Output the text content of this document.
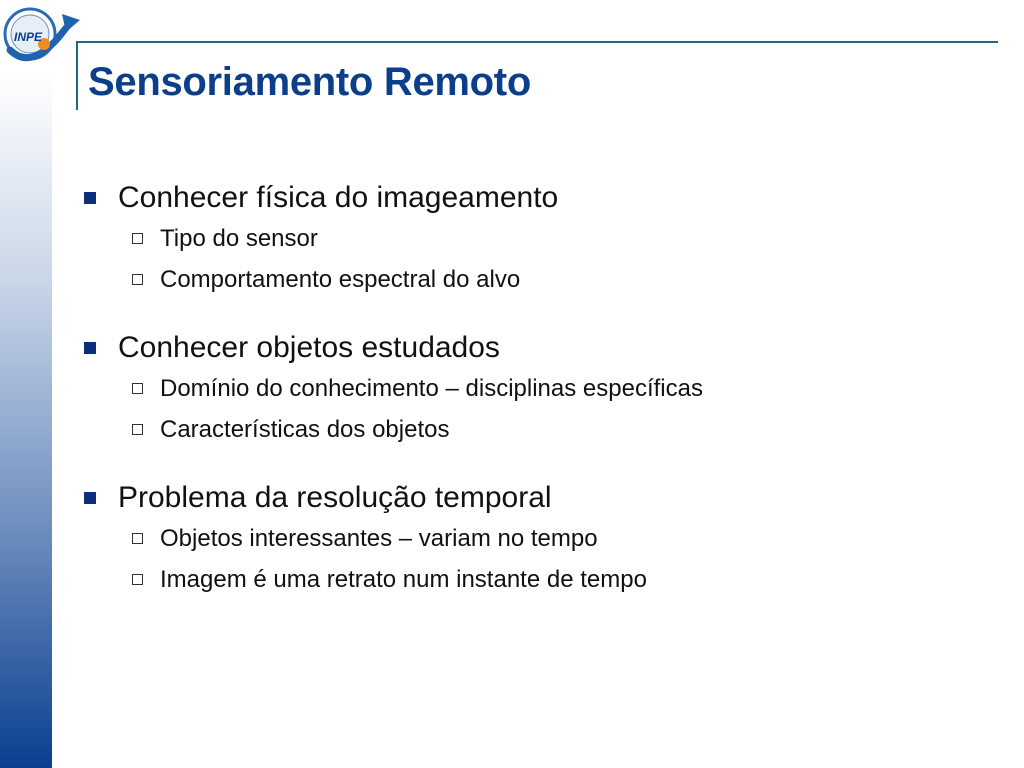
INPE
Sensoriamento Remoto
Conhecer física do imageamento
Tipo do sensor
Comportamento espectral do alvo
Conhecer objetos estudados
Domínio do conhecimento – disciplinas específicas
Características dos objetos
Problema da resolução temporal
Objetos interessantes – variam no tempo
Imagem é uma retrato num instante de tempo
